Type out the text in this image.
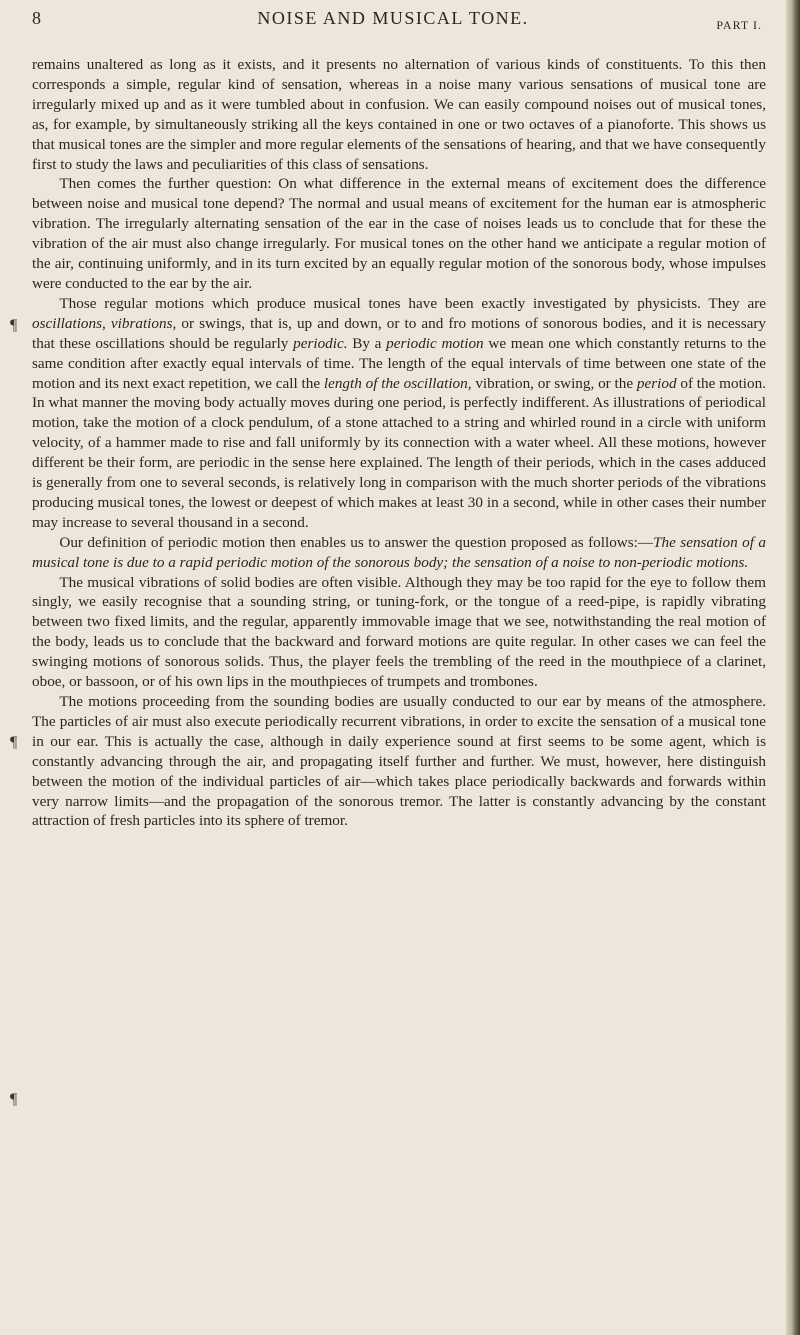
8	NOISE AND MUSICAL TONE.	PART I.
¶
¶
¶

remains unaltered as long as it exists, and it presents no alternation of various kinds of constituents. To this then corresponds a simple, regular kind of sensation, whereas in a noise many various sensations of musical tone are irregularly mixed up and as it were tumbled about in confusion. We can easily compound noises out of musical tones, as, for example, by simultaneously striking all the keys contained in one or two octaves of a pianoforte. This shows us that musical tones are the simpler and more regular elements of the sensations of hearing, and that we have consequently first to study the laws and peculiarities of this class of sensations.

Then comes the further question: On what difference in the external means of excitement does the difference between noise and musical tone depend? The normal and usual means of excitement for the human ear is atmospheric vibration. The irregularly alternating sensation of the ear in the case of noises leads us to conclude that for these the vibration of the air must also change irregularly. For musical tones on the other hand we anticipate a regular motion of the air, continuing uniformly, and in its turn excited by an equally regular motion of the sonorous body, whose impulses were conducted to the ear by the air.

Those regular motions which produce musical tones have been exactly investigated by physicists. They are oscillations, vibrations, or swings, that is, up and down, or to and fro motions of sonorous bodies, and it is necessary that these oscillations should be regularly periodic. By a periodic motion we mean one which constantly returns to the same condition after exactly equal intervals of time. The length of the equal intervals of time between one state of the motion and its next exact repetition, we call the length of the oscillation, vibration, or swing, or the period of the motion. In what manner the moving body actually moves during one period, is perfectly indifferent. As illustrations of periodical motion, take the motion of a clock pendulum, of a stone attached to a string and whirled round in a circle with uniform velocity, of a hammer made to rise and fall uniformly by its connection with a water wheel. All these motions, however different be their form, are periodic in the sense here explained. The length of their periods, which in the cases adduced is generally from one to several seconds, is relatively long in comparison with the much shorter periods of the vibrations producing musical tones, the lowest or deepest of which makes at least 30 in a second, while in other cases their number may increase to several thousand in a second.

Our definition of periodic motion then enables us to answer the question proposed as follows:—The sensation of a musical tone is due to a rapid periodic motion of the sonorous body; the sensation of a noise to non-periodic motions.

The musical vibrations of solid bodies are often visible. Although they may be too rapid for the eye to follow them singly, we easily recognise that a sounding string, or tuning-fork, or the tongue of a reed-pipe, is rapidly vibrating between two fixed limits, and the regular, apparently immovable image that we see, notwithstanding the real motion of the body, leads us to conclude that the backward and forward motions are quite regular. In other cases we can feel the swinging motions of sonorous solids. Thus, the player feels the trembling of the reed in the mouthpiece of a clarinet, oboe, or bassoon, or of his own lips in the mouthpieces of trumpets and trombones.

The motions proceeding from the sounding bodies are usually conducted to our ear by means of the atmosphere. The particles of air must also execute periodically recurrent vibrations, in order to excite the sensation of a musical tone in our ear. This is actually the case, although in daily experience sound at first seems to be some agent, which is constantly advancing through the air, and propagating itself further and further. We must, however, here distinguish between the motion of the individual particles of air—which takes place periodically backwards and forwards within very narrow limits—and the propagation of the sonorous tremor. The latter is constantly advancing by the constant attraction of fresh particles into its sphere of tremor.
